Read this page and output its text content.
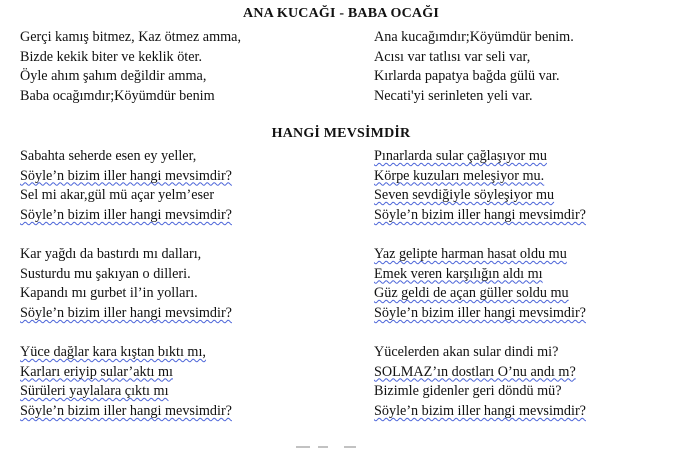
ANA KUCAĞI - BABA OCAĞI
Gerçi kamış bitmez, Kaz ötmez amma,
Bizde kekik biter ve keklik öter.
Öyle ahım şahım değildir amma,
Baba ocağımdır;Köyümdür benim
Ana kucağımdır;Köyümdür benim.
Acısı var tatlısı var seli var,
Kırlarda papatya bağda gülü var.
Necati'yi serinleten yeli var.
HANGİ MEVSİMDİR
Sabahta seherde esen ey yeller,
Söyle’n bizim iller hangi mevsimdir?
Sel mi akar,gül mü açar yelm’eser
Söyle’n bizim iller hangi mevsimdir?
Pınarlarda sular çağlaşıyor mu
Körpe kuzuları meleşiyor mu.
Seven sevdiğiyle söyleşiyor mu
Söyle’n bizim iller hangi mevsimdir?
Kar yağdı da bastırdı mı dalları,
Susturdu mu şakıyan o dilleri.
Kapandı mı gurbet il’in yolları.
Söyle’n bizim iller hangi mevsimdir?
Yaz gelipte harman hasat oldu mu
Emek veren karşılığın aldı mı
Güz geldi de açan güller soldu mu
Söyle’n bizim iller hangi mevsimdir?
Yüce dağlar kara kıştan bıktı mı,
Karları eriyip sular’aktı mı
Sürüleri yaylalara çıktı mı
Söyle’n bizim iller hangi mevsimdir?
Yücelerden akan sular dindi mi?
SOLMAZ’ın dostları O’nu andı m?
Bizimle gidenler geri döndü mü?
Söyle’n bizim iller hangi mevsimdir?
